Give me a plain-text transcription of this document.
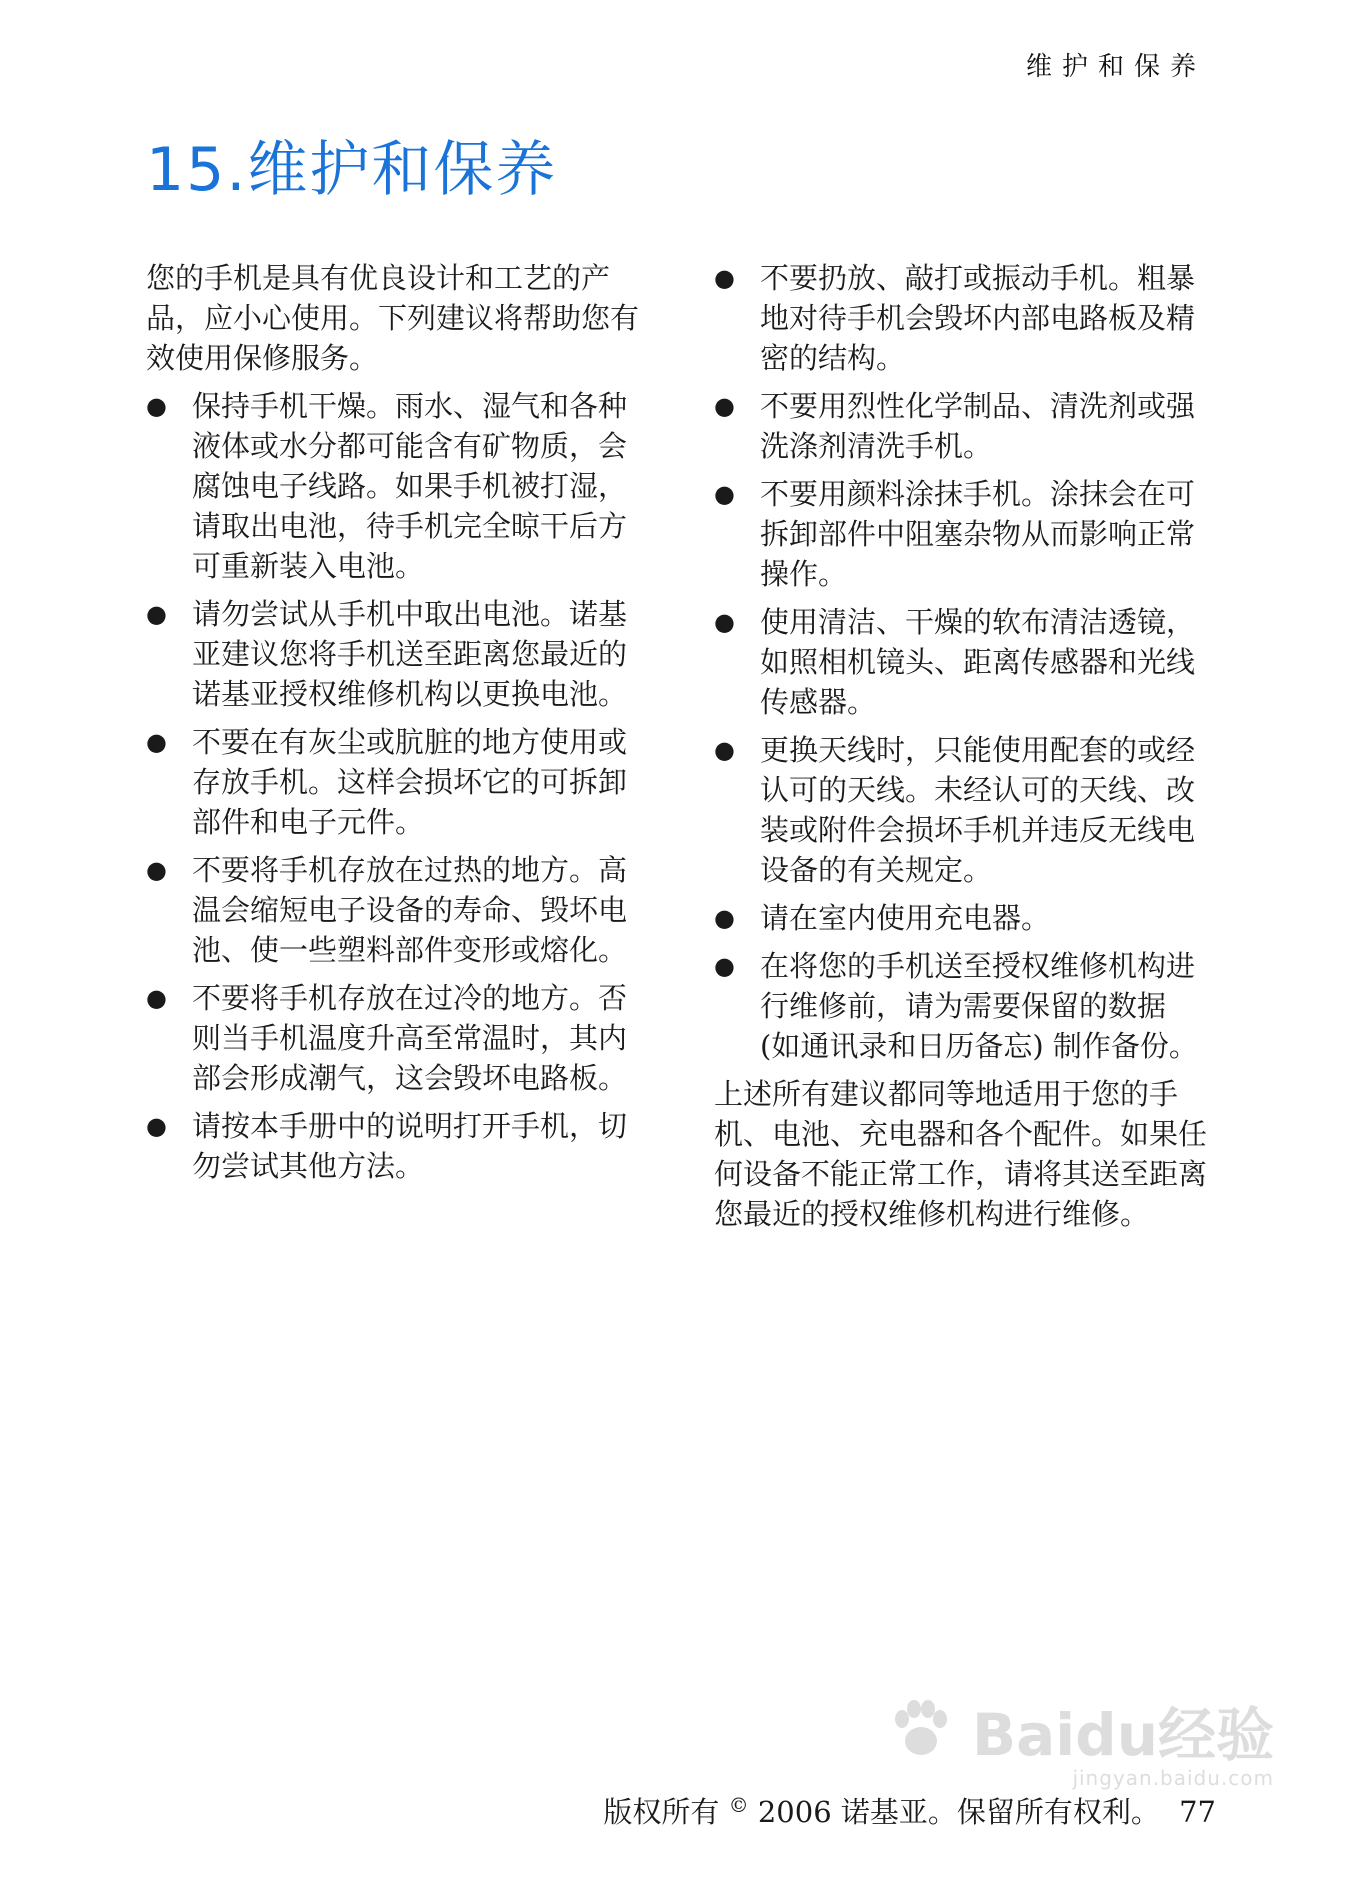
维护和保养
15.维护和保养

您的手机是具有优良设计和工艺的产品，应小心使用。下列建议将帮助您有效使用保修服务。

● 保持手机干燥。雨水、湿气和各种液体或水分都可能含有矿物质，会腐蚀电子线路。如果手机被打湿，请取出电池，待手机完全晾干后方可重新装入电池。
● 请勿尝试从手机中取出电池。诺基亚建议您将手机送至距离您最近的诺基亚授权维修机构以更换电池。
● 不要在有灰尘或肮脏的地方使用或存放手机。这样会损坏它的可拆卸部件和电子元件。
● 不要将手机存放在过热的地方。高温会缩短电子设备的寿命、毁坏电池、使一些塑料部件变形或熔化。
● 不要将手机存放在过冷的地方。否则当手机温度升高至常温时，其内部会形成潮气，这会毁坏电路板。
● 请按本手册中的说明打开手机，切勿尝试其他方法。
● 不要扔放、敲打或振动手机。粗暴地对待手机会毁坏内部电路板及精密的结构。
● 不要用烈性化学制品、清洗剂或强洗涤剂清洗手机。
● 不要用颜料涂抹手机。涂抹会在可拆卸部件中阻塞杂物从而影响正常操作。
● 使用清洁、干燥的软布清洁透镜，如照相机镜头、距离传感器和光线传感器。
● 更换天线时，只能使用配套的或经认可的天线。未经认可的天线、改装或附件会损坏手机并违反无线电设备的有关规定。
● 请在室内使用充电器。
● 在将您的手机送至授权维修机构进行维修前，请为需要保留的数据 (如通讯录和日历备忘) 制作备份。

上述所有建议都同等地适用于您的手机、电池、充电器和各个配件。如果任何设备不能正常工作，请将其送至距离您最近的授权维修机构进行维修。

Baidu经验
jingyan.baidu.com
版权所有 © 2006 诺基亚。保留所有权利。 77
